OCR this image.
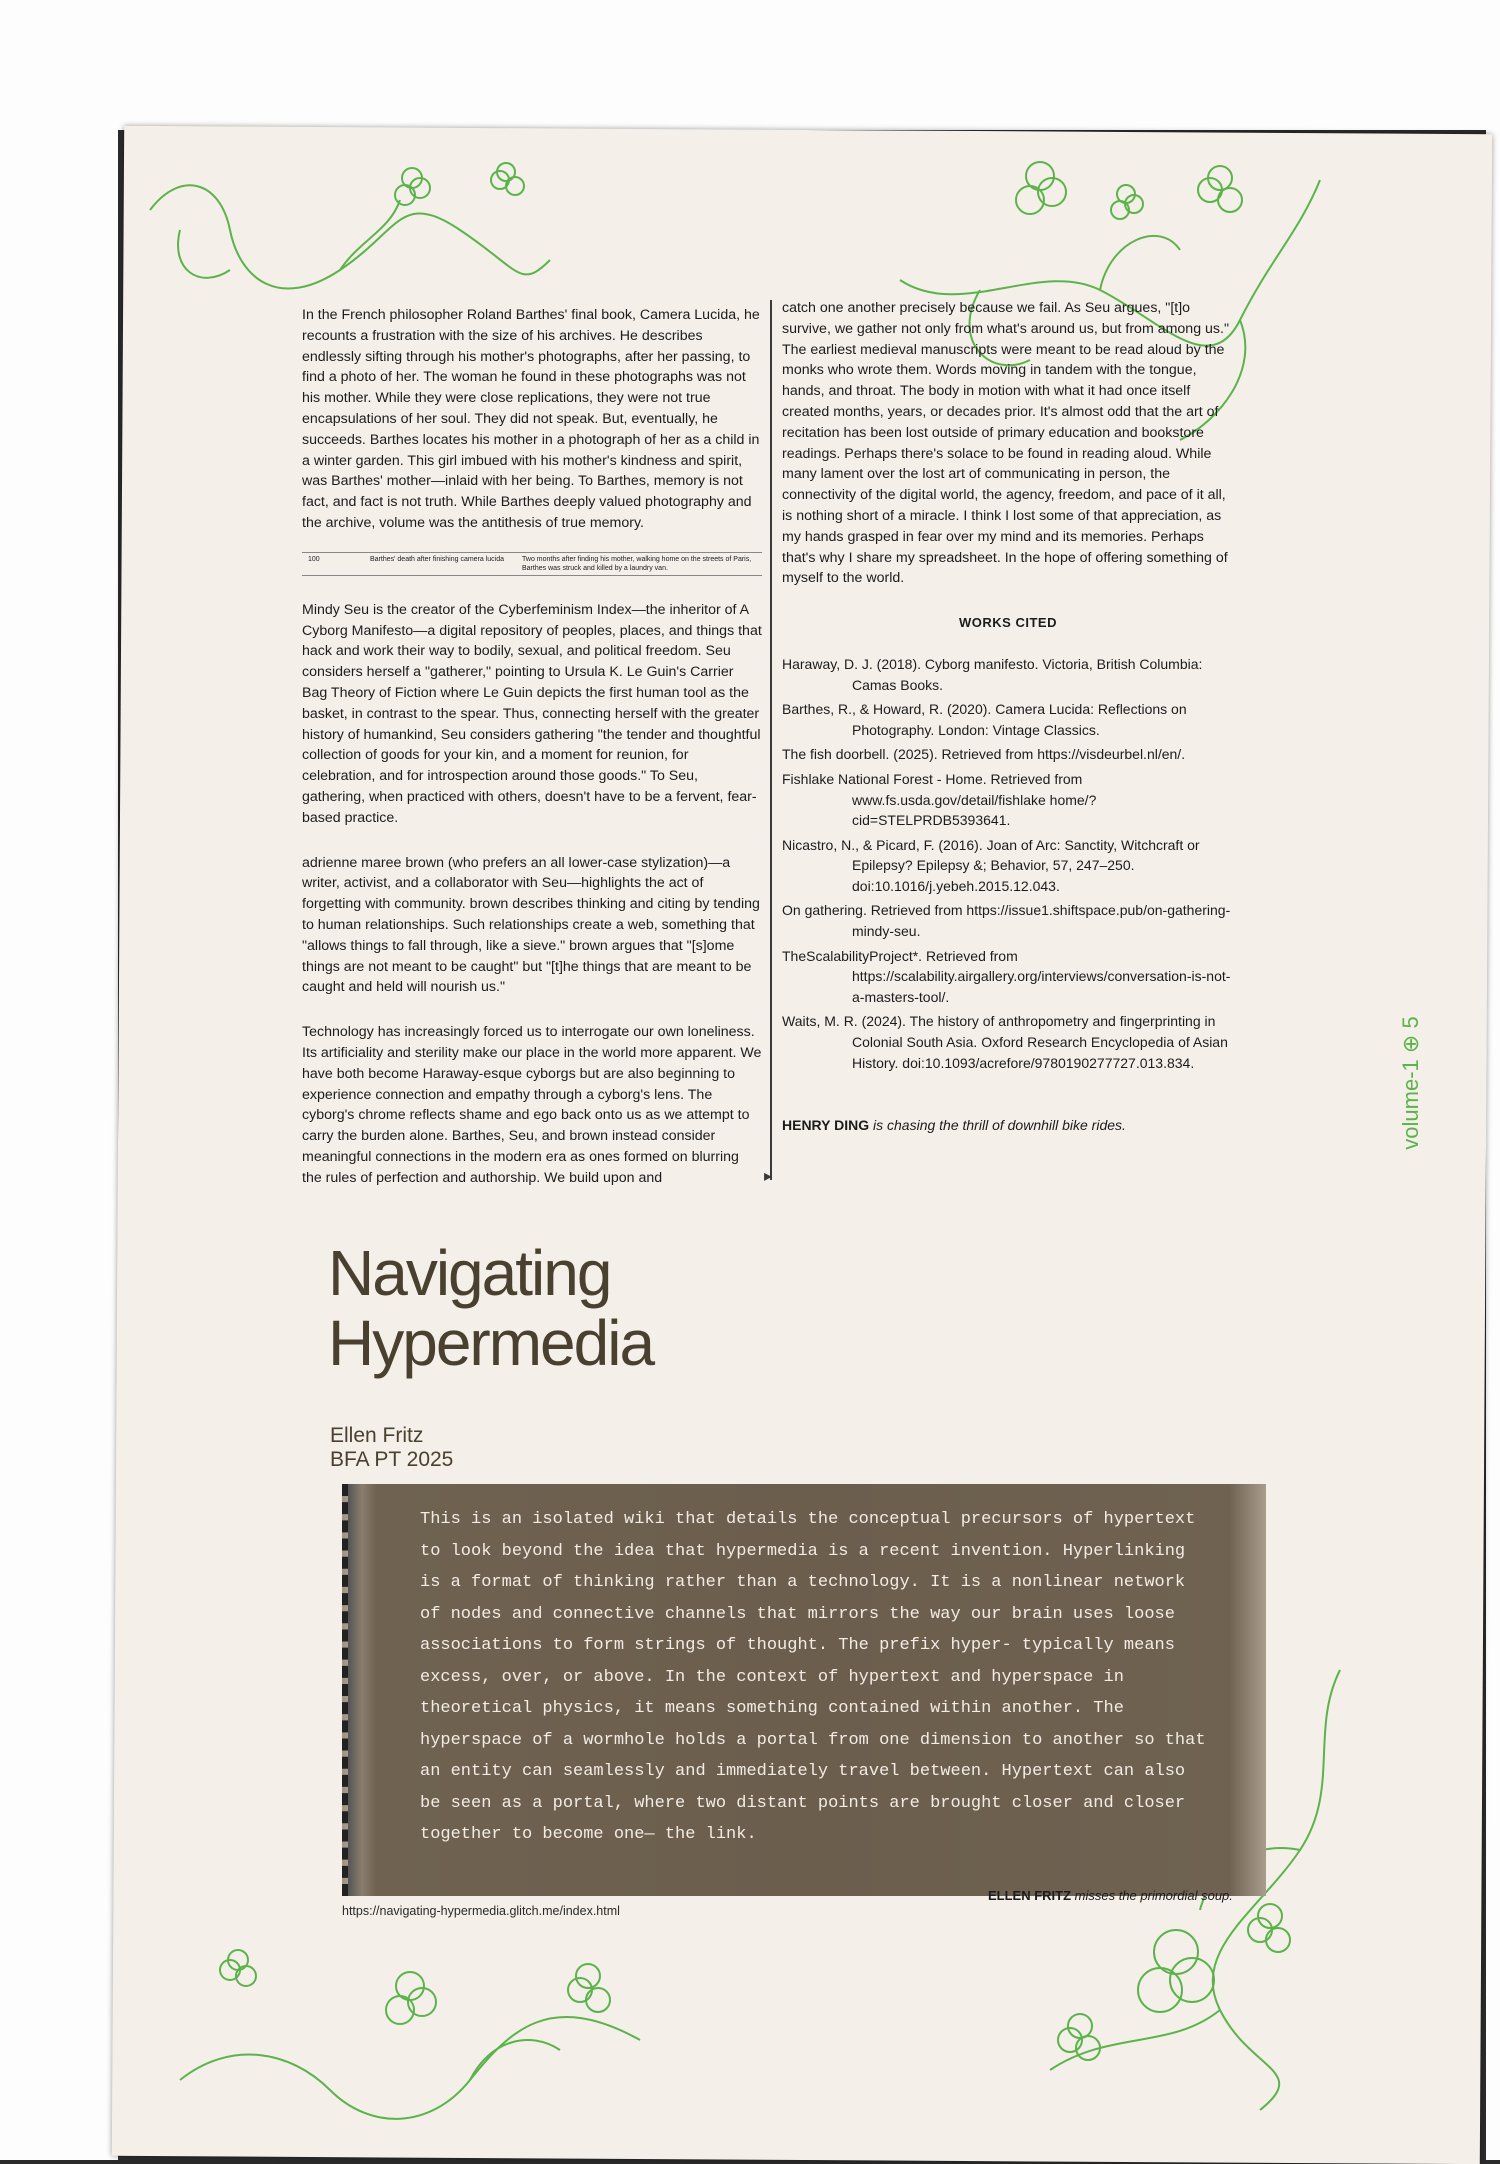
In the French philosopher Roland Barthes' final book, Camera Lucida, he recounts a frustration with the size of his archives. He describes endlessly sifting through his mother's photographs, after her passing, to find a photo of her. The woman he found in these photographs was not his mother. While they were close replications, they were not true encapsulations of her soul. They did not speak. But, eventually, he succeeds. Barthes locates his mother in a photograph of her as a child in a winter garden. This girl imbued with his mother's kindness and spirit, was Barthes' mother—inlaid with her being. To Barthes, memory is not fact, and fact is not truth. While Barthes deeply valued photography and the archive, volume was the antithesis of true memory.

100	Barthes' death after finishing camera lucida	Two months after finding his mother, walking home on the streets of Paris, Barthes was struck and killed by a laundry van.

Mindy Seu is the creator of the Cyberfeminism Index—the inheritor of A Cyborg Manifesto—a digital repository of peoples, places, and things that hack and work their way to bodily, sexual, and political freedom. Seu considers herself a "gatherer," pointing to Ursula K. Le Guin's Carrier Bag Theory of Fiction where Le Guin depicts the first human tool as the basket, in contrast to the spear. Thus, connecting herself with the greater history of humankind, Seu considers gathering "the tender and thoughtful collection of goods for your kin, and a moment for reunion, for celebration, and for introspection around those goods." To Seu, gathering, when practiced with others, doesn't have to be a fervent, fear-based practice.

adrienne maree brown (who prefers an all lower-case stylization)—a writer, activist, and a collaborator with Seu—highlights the act of forgetting with community. brown describes thinking and citing by tending to human relationships. Such relationships create a web, something that "allows things to fall through, like a sieve." brown argues that "[s]ome things are not meant to be caught" but "[t]he things that are meant to be caught and held will nourish us."

Technology has increasingly forced us to interrogate our own loneliness. Its artificiality and sterility make our place in the world more apparent. We have both become Haraway-esque cyborgs but are also beginning to experience connection and empathy through a cyborg's lens. The cyborg's chrome reflects shame and ego back onto us as we attempt to carry the burden alone. Barthes, Seu, and brown instead consider meaningful connections in the modern era as ones formed on blurring the rules of perfection and authorship. We build upon and	▸

catch one another precisely because we fail. As Seu argues, "[t]o survive, we gather not only from what's around us, but from among us." The earliest medieval manuscripts were meant to be read aloud by the monks who wrote them. Words moving in tandem with the tongue, hands, and throat. The body in motion with what it had once itself created months, years, or decades prior. It's almost odd that the art of recitation has been lost outside of primary education and bookstore readings. Perhaps there's solace to be found in reading aloud. While many lament over the lost art of communicating in person, the connectivity of the digital world, the agency, freedom, and pace of it all, is nothing short of a miracle. I think I lost some of that appreciation, as my hands grasped in fear over my mind and its memories. Perhaps that's why I share my spreadsheet. In the hope of offering something of myself to the world.

WORKS CITED
Haraway, D. J. (2018). Cyborg manifesto. Victoria, British Columbia: Camas Books.
Barthes, R., & Howard, R. (2020). Camera Lucida: Reflections on Photography. London: Vintage Classics.
The fish doorbell. (2025). Retrieved from https://visdeurbel.nl/en/.
Fishlake National Forest - Home. Retrieved from www.fs.usda.gov/detail/fishlake home/?cid=STELPRDB5393641.
Nicastro, N., & Picard, F. (2016). Joan of Arc: Sanctity, Witchcraft or Epilepsy? Epilepsy &; Behavior, 57, 247–250. doi:10.1016/j.yebeh.2015.12.043.
On gathering. Retrieved from https://issue1.shiftspace.pub/on-gathering-mindy-seu.
TheScalabilityProject*. Retrieved from https://scalability.airgallery.org/interviews/conversation-is-not-a-masters-tool/.
Waits, M. R. (2024). The history of anthropometry and fingerprinting in Colonial South Asia. Oxford Research Encyclopedia of Asian History. doi:10.1093/acrefore/9780190277727.013.834.
HENRY DING is chasing the thrill of downhill bike rides.
Navigating
Hypermedia
Ellen Fritz
BFA PT 2025
This is an isolated wiki that details the conceptual precursors of hypertext to look beyond the idea that hypermedia is a recent invention. Hyperlinking is a format of thinking rather than a technology. It is a nonlinear network of nodes and connective channels that mirrors the way our brain uses loose associations to form strings of thought. The prefix hyper- typically means excess, over, or above. In the context of hypertext and hyperspace in theoretical physics, it means something contained within another. The hyperspace of a wormhole holds a portal from one dimension to another so that an entity can seamlessly and immediately travel between. Hypertext can also be seen as a portal, where two distant points are brought closer and closer together to become one— the link.
https://navigating-hypermedia.glitch.me/index.html
ELLEN FRITZ misses the primordial soup.
volume-1 ⊕ 5
